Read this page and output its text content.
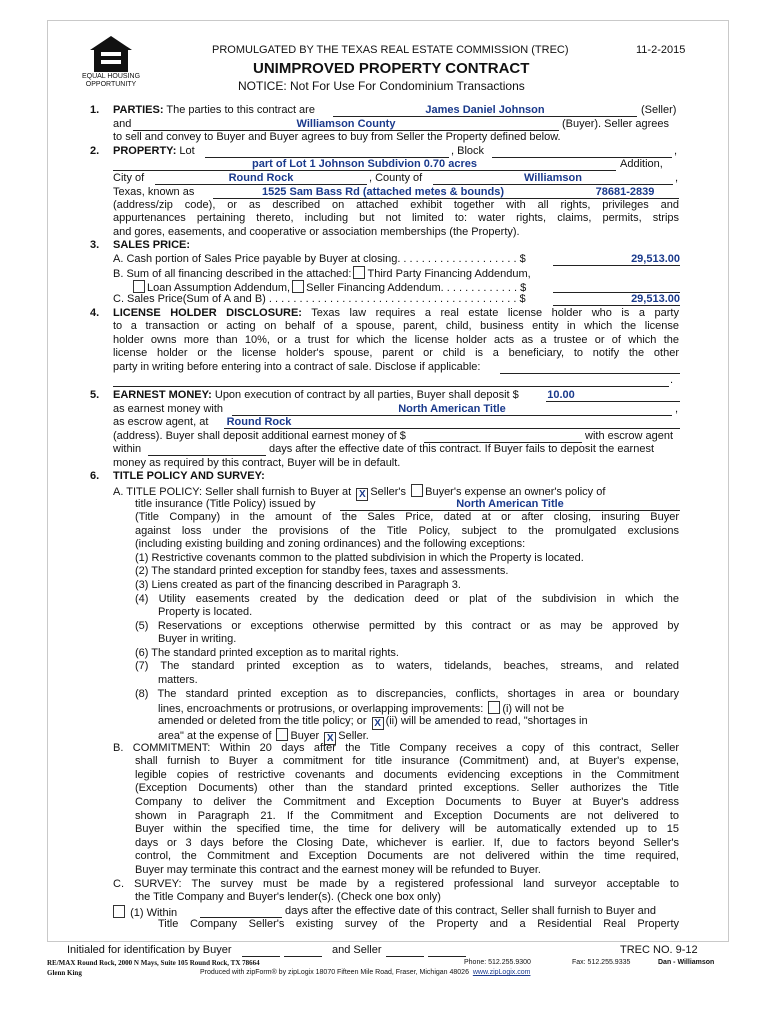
EQUAL HOUSING OPPORTUNITY
PROMULGATED BY THE TEXAS REAL ESTATE COMMISSION (TREC)	11-2-2015
UNIMPROVED PROPERTY CONTRACT
NOTICE: Not For Use For Condominium Transactions
1. PARTIES: The parties to this contract are	James Daniel Johnson	(Seller)
and	Williamson County	(Buyer). Seller agrees
to sell and convey to Buyer and Buyer agrees to buy from Seller the Property defined below.
2. PROPERTY: Lot	, Block	,
part of Lot 1 Johnson Subdivion 0.70 acres	Addition,
City of	Round Rock	, County of	Williamson	,
Texas, known as	1525 Sam Bass Rd (attached metes & bounds)	78681-2839
(address/zip code), or as described on attached exhibit together with all rights, privileges and
appurtenances pertaining thereto, including but not limited to: water rights, claims, permits, strips
and gores, easements, and cooperative or association memberships (the Property).
3. SALES PRICE:
A. Cash portion of Sales Price payable by Buyer at closing. . . . . . . . . . . . . . . . . . . . $	29,513.00
B. Sum of all financing described in the attached: Third Party Financing Addendum,
Loan Assumption Addendum, Seller Financing Addendum. . . . . . . . . . . . . $
C. Sales Price(Sum of A and B) . . . . . . . . . . . . . . . . . . . . . . . . . . . . . . . . . . . . . . . . . $	29,513.00
4. LICENSE HOLDER DISCLOSURE: Texas law requires a real estate license holder who is a party
to a transaction or acting on behalf of a spouse, parent, child, business entity in which the license
holder owns more than 10%, or a trust for which the license holder acts as a trustee or of which the
license holder or the license holder's spouse, parent or child is a beneficiary, to notify the other
party in writing before entering into a contract of sale. Disclose if applicable:
.
5. EARNEST MONEY: Upon execution of contract by all parties, Buyer shall deposit $	10.00
as earnest money with	North American Title	,
as escrow agent, at Round Rock
(address). Buyer shall deposit additional earnest money of $	with escrow agent
within	days after the effective date of this contract. If Buyer fails to deposit the earnest
money as required by this contract, Buyer will be in default.
6. TITLE POLICY AND SURVEY:
A. TITLE POLICY: Seller shall furnish to Buyer at X Seller's Buyer's expense an owner's policy of
title insurance (Title Policy) issued by	North American Title
(Title Company) in the amount of the Sales Price, dated at or after closing, insuring Buyer
against loss under the provisions of the Title Policy, subject to the promulgated exclusions
(including existing building and zoning ordinances) and the following exceptions:
(1) Restrictive covenants common to the platted subdivision in which the Property is located.
(2) The standard printed exception for standby fees, taxes and assessments.
(3) Liens created as part of the financing described in Paragraph 3.
(4) Utility easements created by the dedication deed or plat of the subdivision in which the
Property is located.
(5) Reservations or exceptions otherwise permitted by this contract or as may be approved by
Buyer in writing.
(6) The standard printed exception as to marital rights.
(7) The standard printed exception as to waters, tidelands, beaches, streams, and related
matters.
(8) The standard printed exception as to discrepancies, conflicts, shortages in area or boundary
lines, encroachments or protrusions, or overlapping improvements: (i) will not be
amended or deleted from the title policy; or X (ii) will be amended to read, "shortages in
area" at the expense of Buyer X Seller.
B. COMMITMENT: Within 20 days after the Title Company receives a copy of this contract, Seller
shall furnish to Buyer a commitment for title insurance (Commitment) and, at Buyer's expense,
legible copies of restrictive covenants and documents evidencing exceptions in the Commitment
(Exception Documents) other than the standard printed exceptions. Seller authorizes the Title
Company to deliver the Commitment and Exception Documents to Buyer at Buyer's address
shown in Paragraph 21. If the Commitment and Exception Documents are not delivered to
Buyer within the specified time, the time for delivery will be automatically extended up to 15
days or 3 days before the Closing Date, whichever is earlier. If, due to factors beyond Seller's
control, the Commitment and Exception Documents are not delivered within the time required,
Buyer may terminate this contract and the earnest money will be refunded to Buyer.
C. SURVEY: The survey must be made by a registered professional land surveyor acceptable to
the Title Company and Buyer's lender(s). (Check one box only)
(1) Within	days after the effective date of this contract, Seller shall furnish to Buyer and
Title Company Seller's existing survey of the Property and a Residential Real Property
Initialed for identification by Buyer	and Seller	TREC NO. 9-12
RE/MAX Round Rock, 2000 N Mays, Suite 105 Round Rock, TX 78664	Phone: 512.255.9300	Fax: 512.255.9335	Dan - Williamson
Glenn King	Produced with zipForm® by zipLogix 18070 Fifteen Mile Road, Fraser, Michigan 48026 www.zipLogix.com
